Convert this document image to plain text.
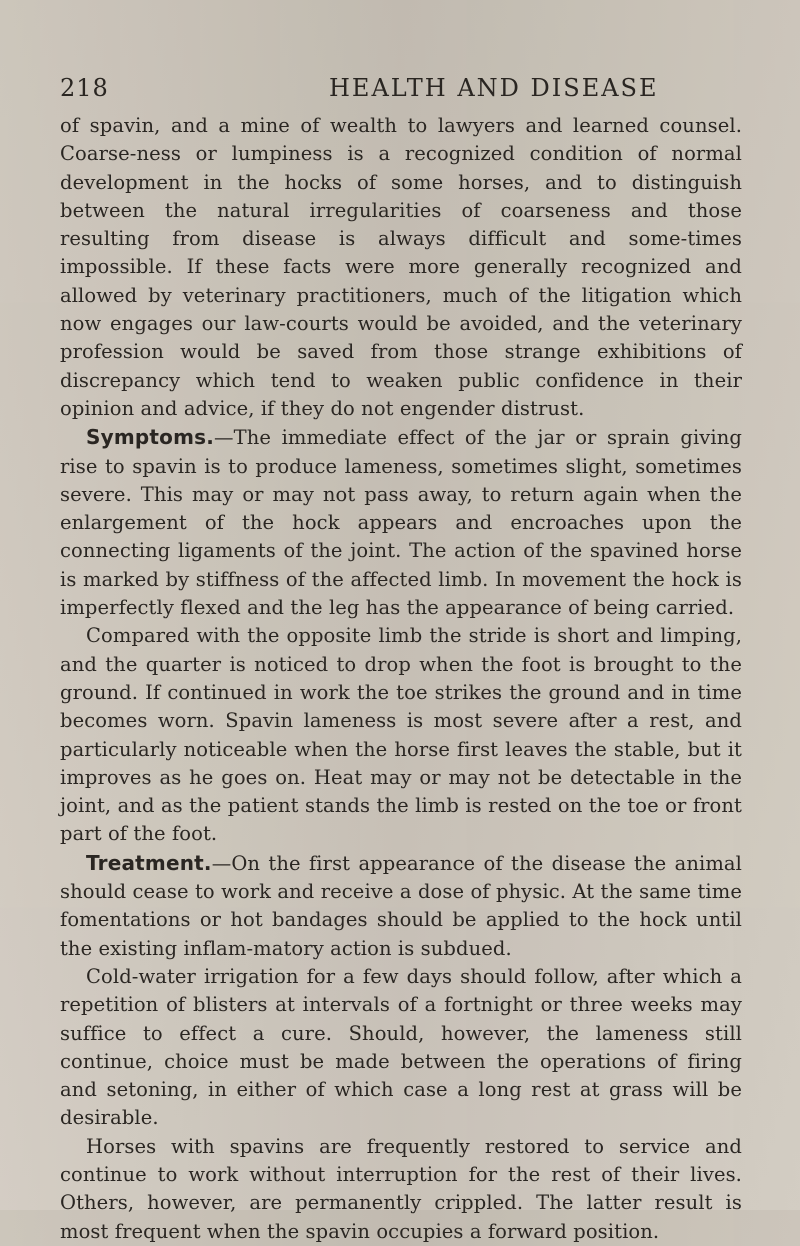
218	HEALTH AND DISEASE

of spavin, and a mine of wealth to lawyers and learned counsel. Coarse-ness or lumpiness is a recognized condition of normal development in the hocks of some horses, and to distinguish between the natural irregularities of coarseness and those resulting from disease is always difficult and some-times impossible. If these facts were more generally recognized and allowed by veterinary practitioners, much of the litigation which now engages our law-courts would be avoided, and the veterinary profession would be saved from those strange exhibitions of discrepancy which tend to weaken public confidence in their opinion and advice, if they do not engender distrust.

Symptoms.—The immediate effect of the jar or sprain giving rise to spavin is to produce lameness, sometimes slight, sometimes severe. This may or may not pass away, to return again when the enlargement of the hock appears and encroaches upon the connecting ligaments of the joint. The action of the spavined horse is marked by stiffness of the affected limb. In movement the hock is imperfectly flexed and the leg has the appearance of being carried.

Compared with the opposite limb the stride is short and limping, and the quarter is noticed to drop when the foot is brought to the ground. If continued in work the toe strikes the ground and in time becomes worn. Spavin lameness is most severe after a rest, and particularly noticeable when the horse first leaves the stable, but it improves as he goes on. Heat may or may not be detectable in the joint, and as the patient stands the limb is rested on the toe or front part of the foot.

Treatment.—On the first appearance of the disease the animal should cease to work and receive a dose of physic. At the same time fomentations or hot bandages should be applied to the hock until the existing inflam-matory action is subdued.

Cold-water irrigation for a few days should follow, after which a repetition of blisters at intervals of a fortnight or three weeks may suffice to effect a cure. Should, however, the lameness still continue, choice must be made between the operations of firing and setoning, in either of which case a long rest at grass will be desirable.

Horses with spavins are frequently restored to service and continue to work without interruption for the rest of their lives. Others, however, are permanently crippled. The latter result is most frequent when the spavin occupies a forward position.
